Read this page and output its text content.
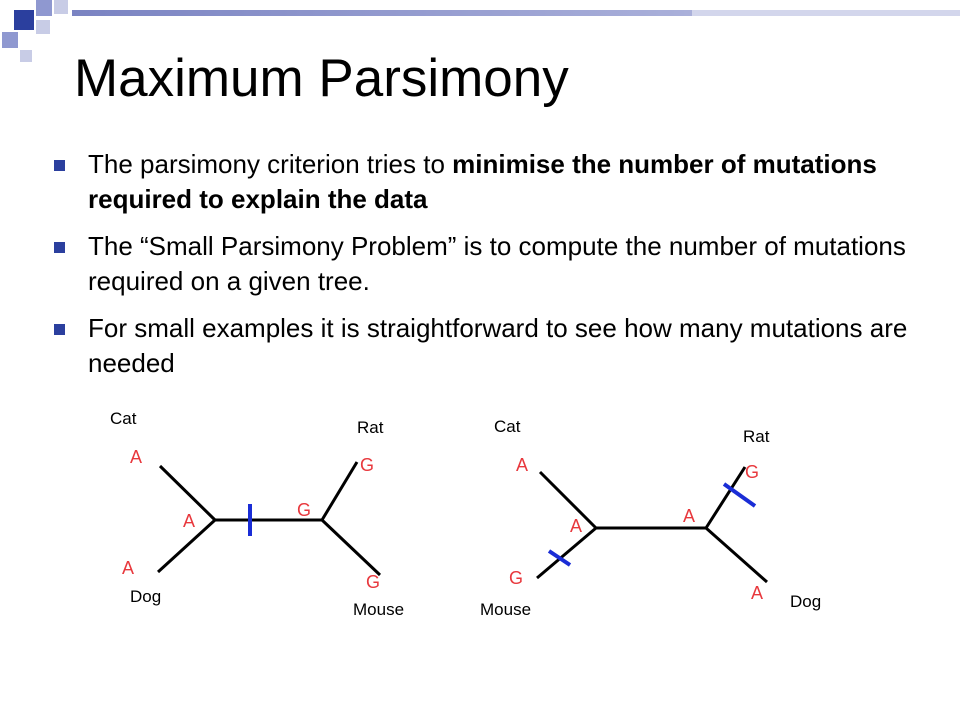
Maximum Parsimony
The parsimony criterion tries to minimise the number of mutations required to explain the data
The “Small Parsimony Problem” is to compute the number of mutations required on a given tree.
For small examples it is straightforward to see how many mutations are needed
Cat	Rat
Dog
Mouse
A
A
A
G
G
G
Cat
Rat
Mouse	Dog
A
A
G
G
A
A
